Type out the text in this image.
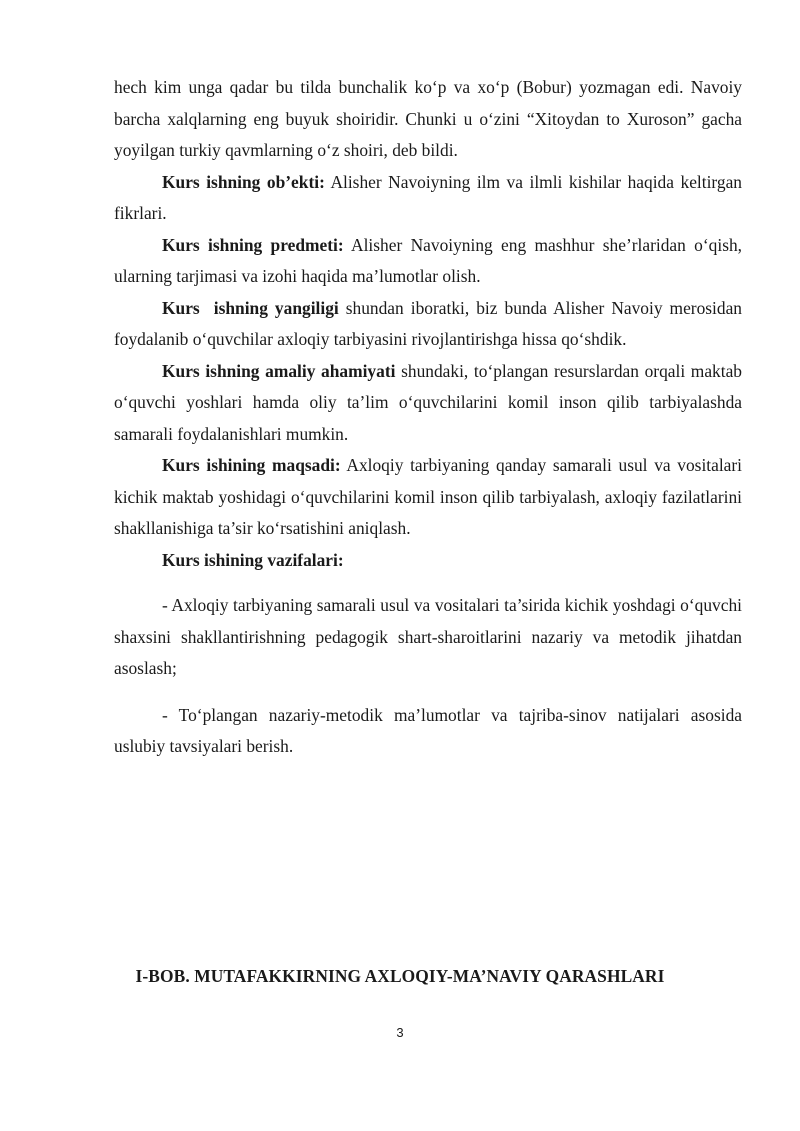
hech kim unga qadar bu tilda bunchalik ko‘p va xo‘p (Bobur) yozmagan edi. Navoiy barcha xalqlarning eng buyuk shoiridir. Chunki u o‘zini “Xitoydan to Xuroson” gacha yoyilgan turkiy qavmlarning o‘z shoiri, deb bildi.

Kurs ishning ob’ekti: Alisher Navoiyning ilm va ilmli kishilar haqida keltirgan fikrlari.

Kurs ishning predmeti: Alisher Navoiyning eng mashhur she’rlaridan o‘qish, ularning tarjimasi va izohi haqida ma’lumotlar olish.

Kurs  ishning yangiligi shundan iboratki, biz bunda Alisher Navoiy merosidan foydalanib o‘quvchilar axloqiy tarbiyasini rivojlantirishga hissa qo‘shdik.

Kurs ishning amaliy ahamiyati shundaki, to‘plangan resurslardan orqali maktab o‘quvchi yoshlari hamda oliy ta’lim o‘quvchilarini komil inson qilib tarbiyalashda samarali foydalanishlari mumkin.

Kurs ishining maqsadi: Axloqiy tarbiyaning qanday samarali usul va vositalari kichik maktab yoshidagi o‘quvchilarini komil inson qilib tarbiyalash, axloqiy fazilatlarini shakllanishiga ta’sir ko‘rsatishini aniqlash.

Kurs ishining vazifalari:

- Axloqiy tarbiyaning samarali usul va vositalari ta’sirida kichik yoshdagi o‘quvchi shaxsini shakllantirishning pedagogik shart-sharoitlarini nazariy va metodik jihatdan asoslash;

- To‘plangan nazariy-metodik ma’lumotlar va tajriba-sinov natijalari asosida uslubiy tavsiyalari berish.

I-BOB. MUTAFAKKIRNING AXLOQIY-MA’NAVIY QARASHLARI
3
